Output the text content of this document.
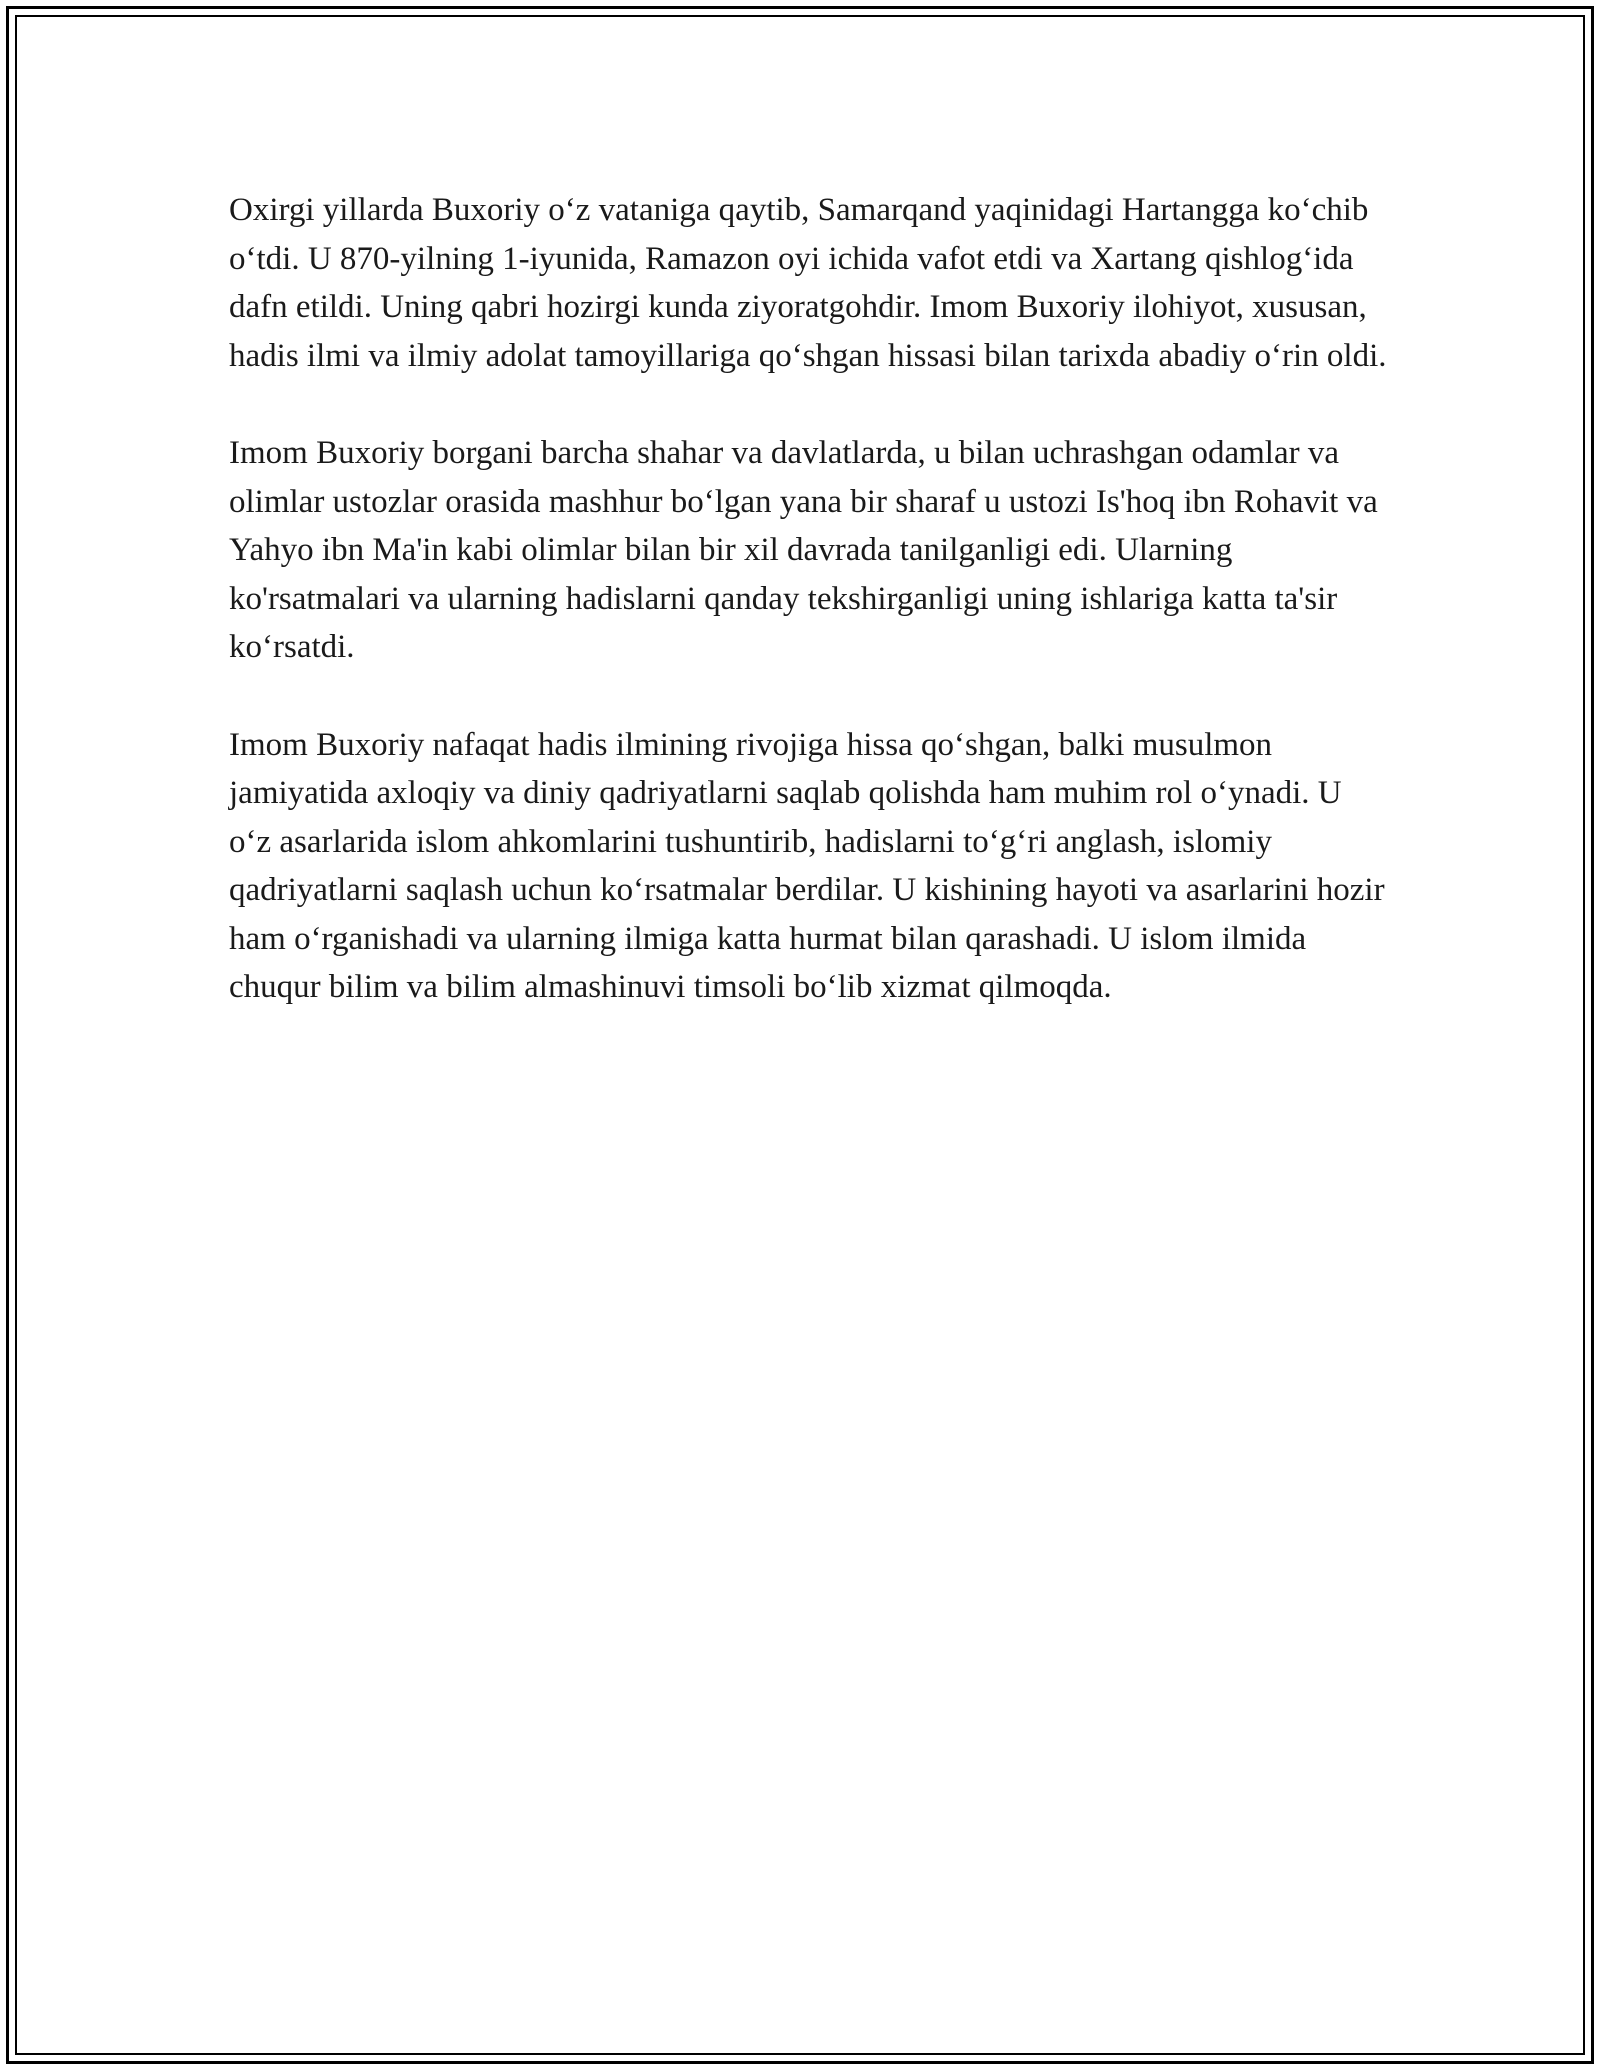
Oxirgi yillarda Buxoriy o‘z vataniga qaytib, Samarqand yaqinidagi Hartangga ko‘chib o‘tdi. U 870-yilning 1-iyunida, Ramazon oyi ichida vafot etdi va Xartang qishlog‘ida dafn etildi. Uning qabri hozirgi kunda ziyoratgohdir. Imom Buxoriy ilohiyot, xususan, hadis ilmi va ilmiy adolat tamoyillariga qo‘shgan hissasi bilan tarixda abadiy o‘rin oldi.

Imom Buxoriy borgani barcha shahar va davlatlarda, u bilan uchrashgan odamlar va olimlar ustozlar orasida mashhur bo‘lgan yana bir sharaf u ustozi Is'hoq ibn Rohavit va Yahyo ibn Ma'in kabi olimlar bilan bir xil davrada tanilganligi edi. Ularning ko'rsatmalari va ularning hadislarni qanday tekshirganligi uning ishlariga katta ta'sir ko‘rsatdi.

Imom Buxoriy nafaqat hadis ilmining rivojiga hissa qo‘shgan, balki musulmon jamiyatida axloqiy va diniy qadriyatlarni saqlab qolishda ham muhim rol o‘ynadi. U o‘z asarlarida islom ahkomlarini tushuntirib, hadislarni to‘g‘ri anglash, islomiy qadriyatlarni saqlash uchun ko‘rsatmalar berdilar. U kishining hayoti va asarlarini hozir ham o‘rganishadi va ularning ilmiga katta hurmat bilan qarashadi. U islom ilmida chuqur bilim va bilim almashinuvi timsoli bo‘lib xizmat qilmoqda.
